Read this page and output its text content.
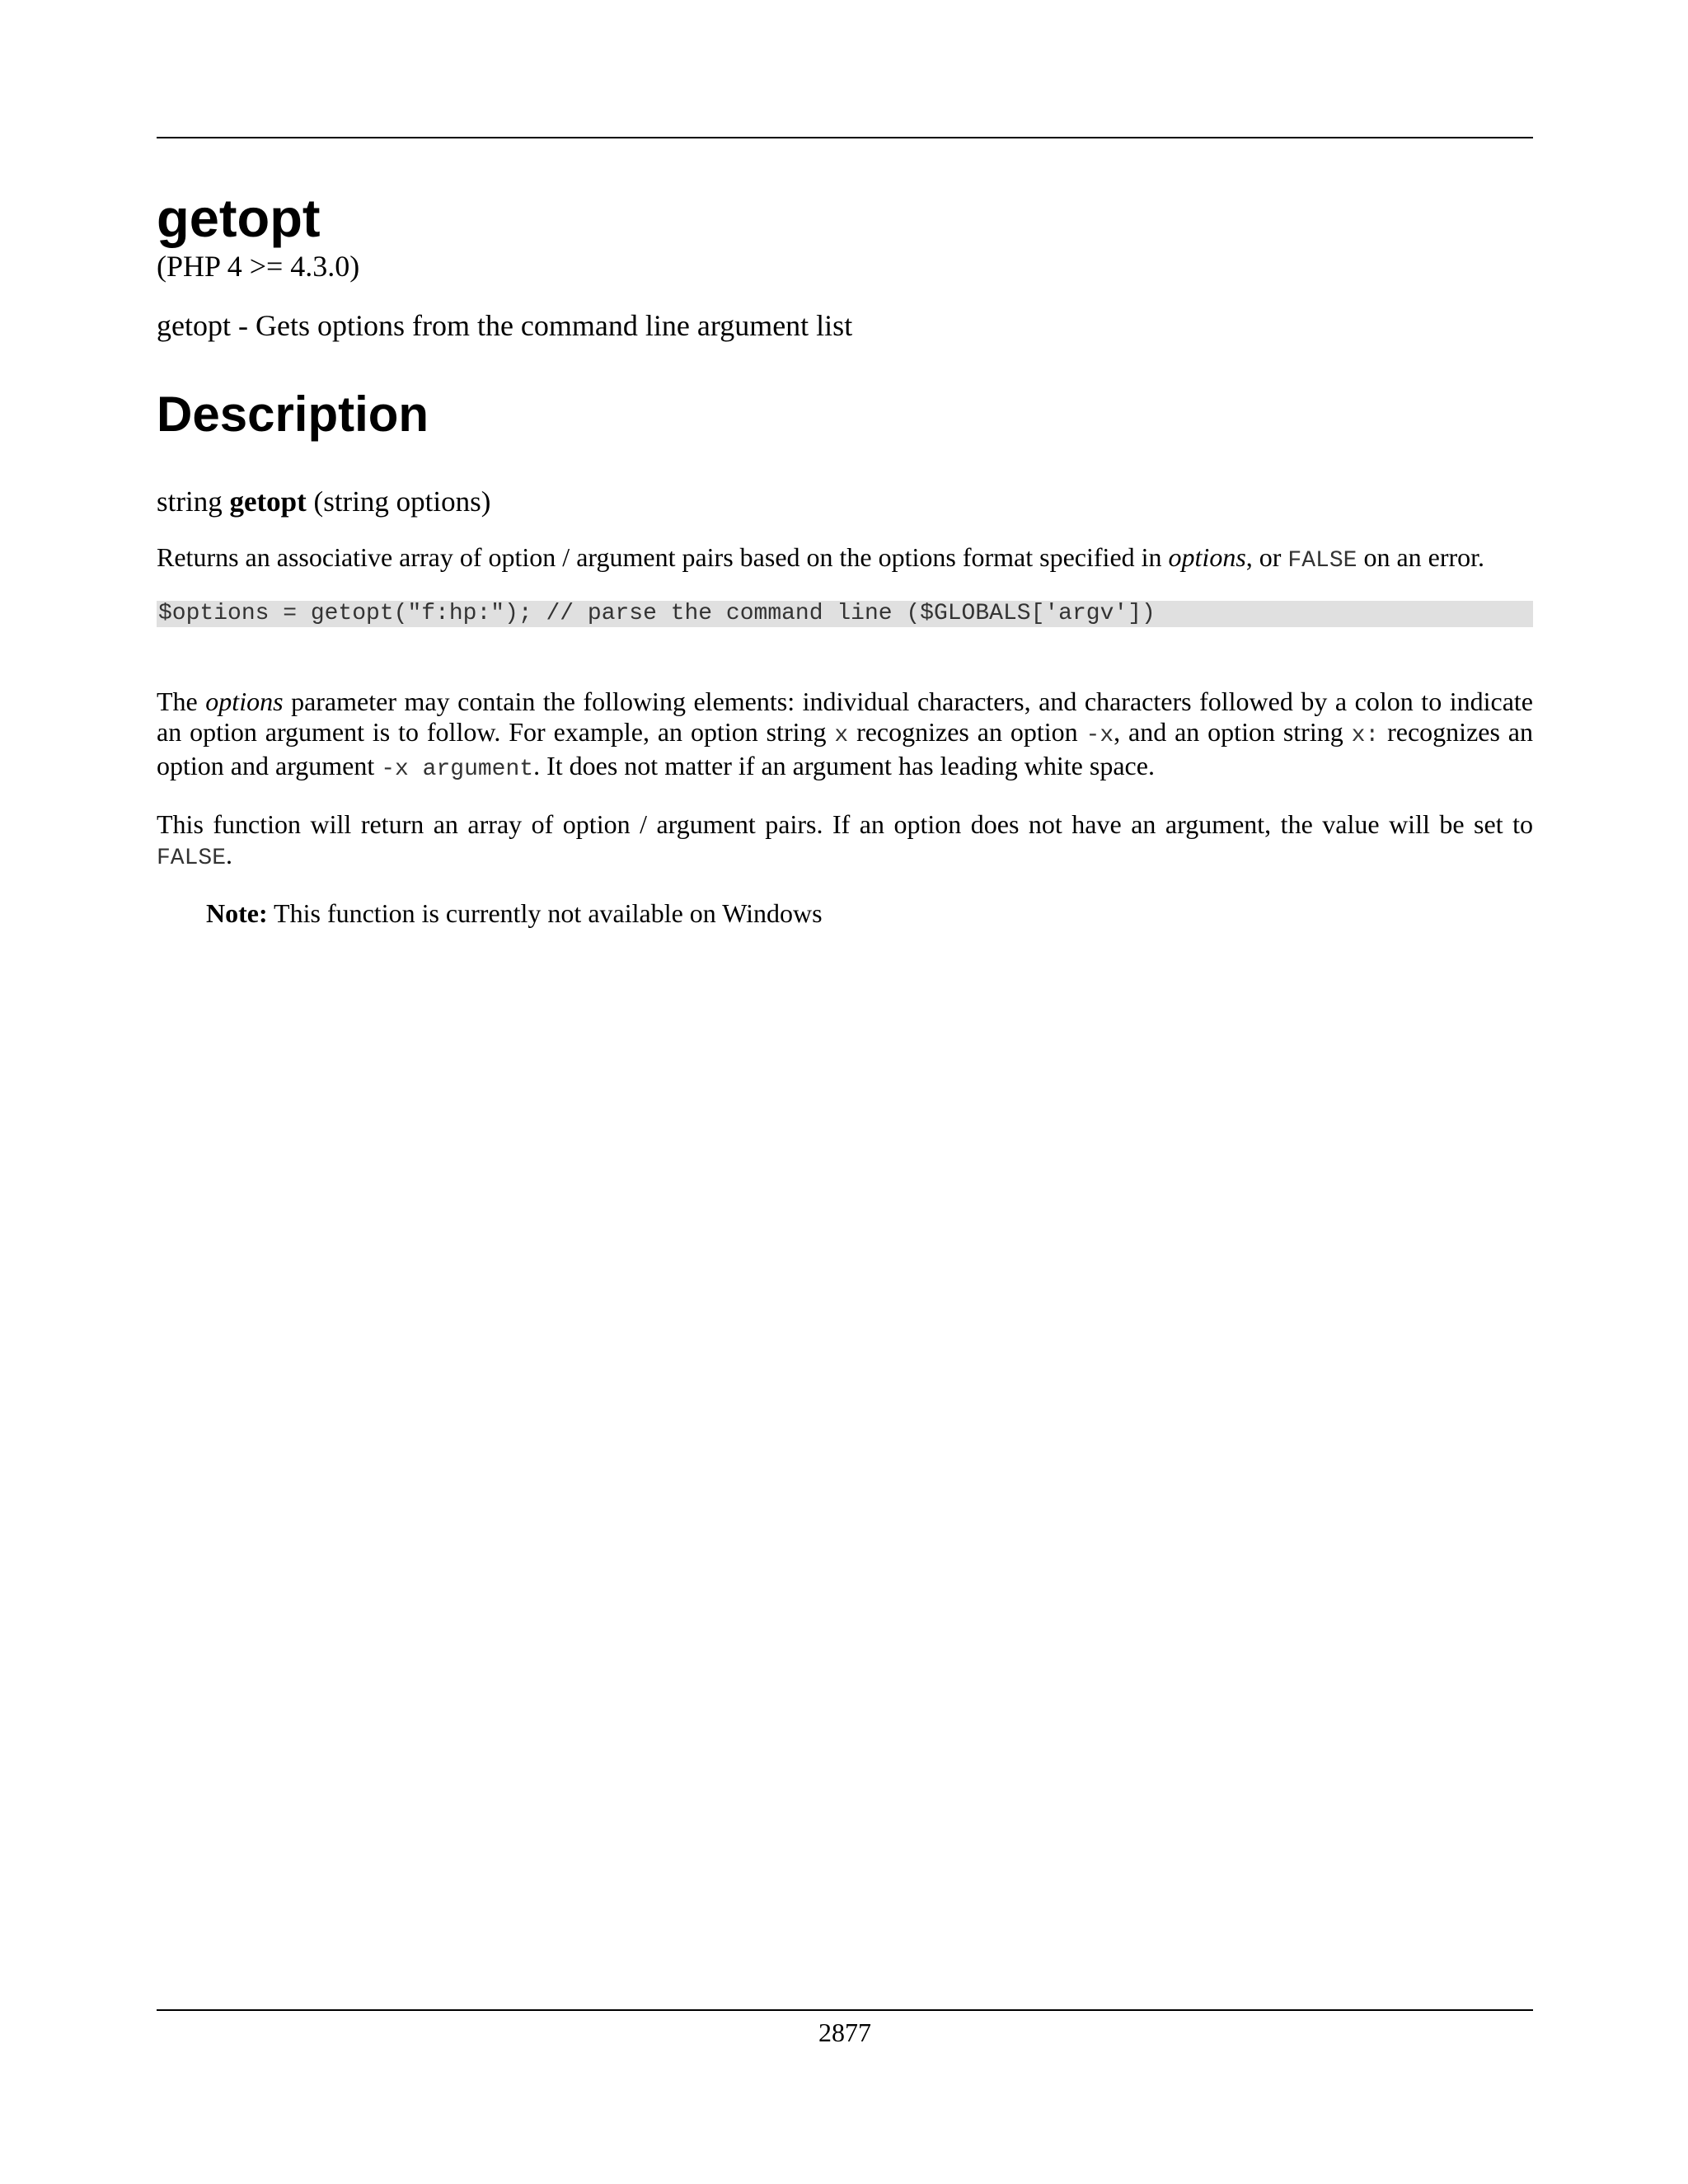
getopt
(PHP 4 >= 4.3.0)
getopt - Gets options from the command line argument list
Description
string getopt (string options)

Returns an associative array of option / argument pairs based on the options format specified in options, or FALSE on an error.

$options = getopt("f:hp:"); // parse the command line ($GLOBALS['argv'])

The options parameter may contain the following elements: individual characters, and characters followed by a colon to indicate an option argument is to follow. For example, an option string x recognizes an option -x, and an option string x: recognizes an option and argument -x argument. It does not matter if an argument has leading white space.

This function will return an array of option / argument pairs. If an option does not have an argument, the value will be set to FALSE.

Note: This function is currently not available on Windows
2877
